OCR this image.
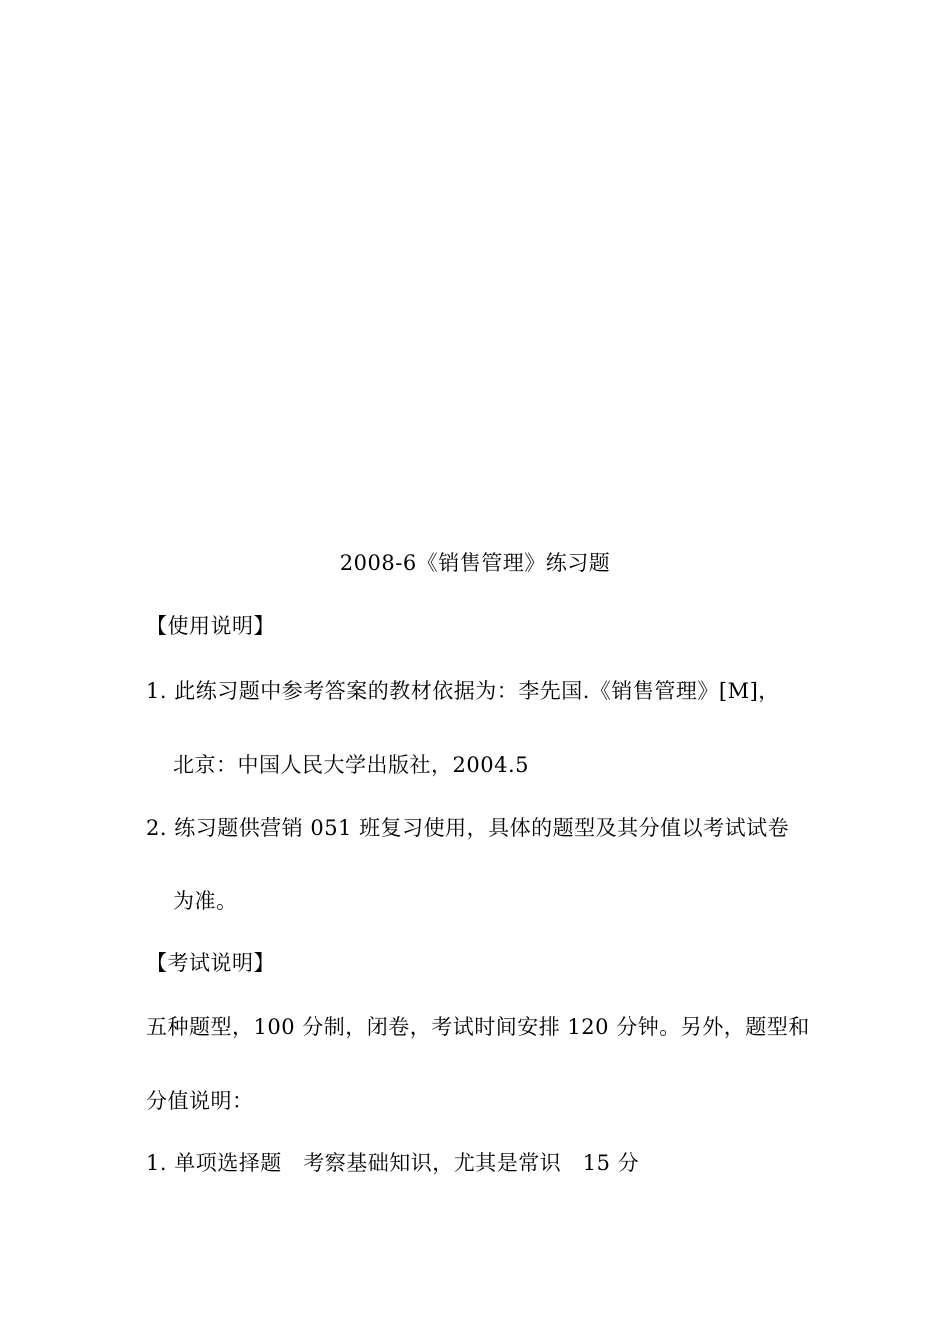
2008-6《销售管理》练习题
【使用说明】
1. 此练习题中参考答案的教材依据为：李先国.《销售管理》[M]，
北京：中国人民大学出版社，2004.5
2. 练习题供营销 051 班复习使用，具体的题型及其分值以考试试卷
为准。
【考试说明】
五种题型，100 分制，闭卷，考试时间安排 120 分钟。另外，题型和
分值说明：
1. 单项选择题　考察基础知识，尤其是常识　15 分
